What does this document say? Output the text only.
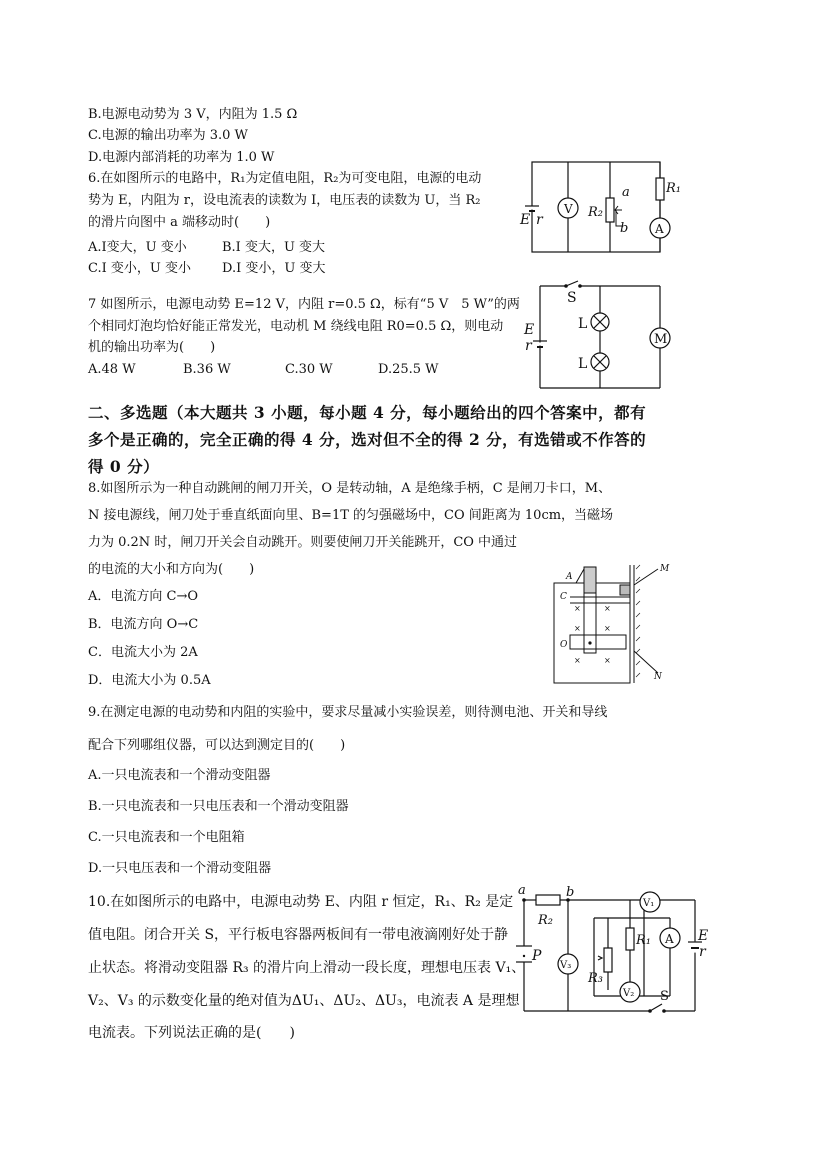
B.电源电动势为 3 V，内阻为 1.5 Ω
C.电源的输出功率为 3.0 W
D.电源内部消耗的功率为 1.0 W
6.在如图所示的电路中，R₁为定值电阻，R₂为可变电阻，电源的电动
势为 E，内阻为 r，设电流表的读数为 I，电压表的读数为 U，当 R₂
的滑片向图中 a 端移动时(　　)
A.I变大，U 变小	B.I 变大，U 变大
C.I 变小，U 变小 D.I 变小，U 变大
V
A
a
b
R₂
R₁
E r
7 如图所示，电源电动势 E=12 V，内阻 r=0.5 Ω，标有“5 V　5 W”的两
个相同灯泡均恰好能正常发光，电动机 M 绕线电阻 R0=0.5 Ω，则电动
机的输出功率为(　　)
A.48 W	B.36 W	C.30 W	D.25.5 W
M
S
L
L
E
r
二、多选题（本大题共 3 小题，每小题 4 分，每小题给出的四个答案中，都有
多个是正确的，完全正确的得 4 分，选对但不全的得 2 分，有选错或不作答的
得 0 分）
8.如图所示为一种自动跳闸的闸刀开关，O 是转动轴，A 是绝缘手柄，C 是闸刀卡口，M、
N 接电源线，闸刀处于垂直纸面向里、B=1T 的匀强磁场中，CO 间距离为 10cm，当磁场
力为 0.2N 时，闸刀开关会自动跳开。则要使闸刀开关能跳开，CO 中通过
的电流的大小和方向为(　　)
A．电流方向 C→O
B．电流方向 O→C
C．电流大小为 2A
D．电流大小为 0.5A
×	×
×	×
×	×
A
C
O
M
N
9.在测定电源的电动势和内阻的实验中，要求尽量减小实验误差，则待测电池、开关和导线
配合下列哪组仪器，可以达到测定目的(　　)
A.一只电流表和一个滑动变阻器
B.一只电流表和一只电压表和一个滑动变阻器
C.一只电流表和一个电阻箱
D.一只电压表和一个滑动变阻器
10.在如图所示的电路中，电源电动势 E、内阻 r 恒定，R₁、R₂ 是定
值电阻。闭合开关 S，平行板电容器两板间有一带电液滴刚好处于静
止状态。将滑动变阻器 R₃ 的滑片向上滑动一段长度，理想电压表 V₁、
V₂、V₃ 的示数变化量的绝对值为ΔU₁、ΔU₂、ΔU₃，电流表 A 是理想
电流表。下列说法正确的是(　　)
a	b
R₂
P
V₃
R₃
V₁
R₁ A
V₂ S
E
r
